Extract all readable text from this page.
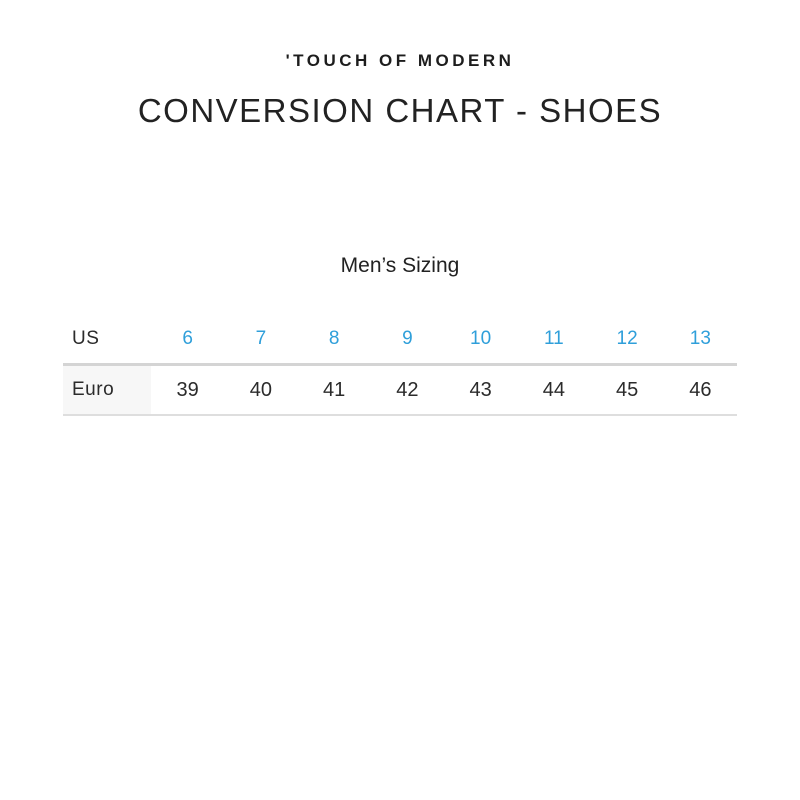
'TOUCH OF MODERN
CONVERSION CHART - SHOES
Men’s Sizing
US	6	7	8	9	10	11	12	13
Euro	39	40	41	42	43	44	45	46
